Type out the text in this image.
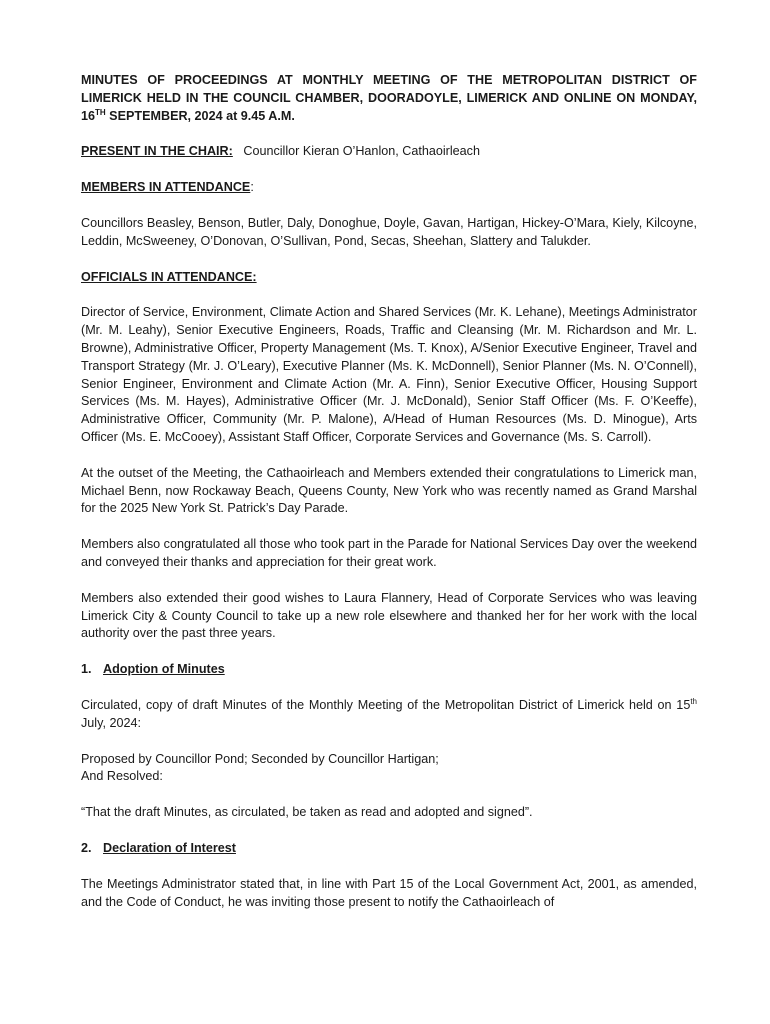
MINUTES OF PROCEEDINGS AT MONTHLY MEETING OF THE METROPOLITAN DISTRICT OF LIMERICK HELD IN THE COUNCIL CHAMBER, DOORADOYLE, LIMERICK AND ONLINE ON MONDAY, 16TH SEPTEMBER, 2024 at 9.45 A.M.

PRESENT IN THE CHAIR: Councillor Kieran O’Hanlon, Cathaoirleach

MEMBERS IN ATTENDANCE:

Councillors Beasley, Benson, Butler, Daly, Donoghue, Doyle, Gavan, Hartigan, Hickey-O’Mara, Kiely, Kilcoyne, Leddin, McSweeney, O’Donovan, O’Sullivan, Pond, Secas, Sheehan, Slattery and Talukder.

OFFICIALS IN ATTENDANCE:

Director of Service, Environment, Climate Action and Shared Services (Mr. K. Lehane), Meetings Administrator (Mr. M. Leahy), Senior Executive Engineers, Roads, Traffic and Cleansing (Mr. M. Richardson and Mr. L. Browne), Administrative Officer, Property Management (Ms. T. Knox), A/Senior Executive Engineer, Travel and Transport Strategy (Mr. J. O’Leary), Executive Planner (Ms. K. McDonnell), Senior Planner (Ms. N. O’Connell), Senior Engineer, Environment and Climate Action (Mr. A. Finn), Senior Executive Officer, Housing Support Services (Ms. M. Hayes), Administrative Officer (Mr. J. McDonald), Senior Staff Officer (Ms. F. O’Keeffe), Administrative Officer, Community (Mr. P. Malone), A/Head of Human Resources (Ms. D. Minogue), Arts Officer (Ms. E. McCooey), Assistant Staff Officer, Corporate Services and Governance (Ms. S. Carroll).

At the outset of the Meeting, the Cathaoirleach and Members extended their congratulations to Limerick man, Michael Benn, now Rockaway Beach, Queens County, New York who was recently named as Grand Marshal for the 2025 New York St. Patrick’s Day Parade.

Members also congratulated all those who took part in the Parade for National Services Day over the weekend and conveyed their thanks and appreciation for their great work.

Members also extended their good wishes to Laura Flannery, Head of Corporate Services who was leaving Limerick City & County Council to take up a new role elsewhere and thanked her for her work with the local authority over the past three years.

1. Adoption of Minutes

Circulated, copy of draft Minutes of the Monthly Meeting of the Metropolitan District of Limerick held on 15th July, 2024:

Proposed by Councillor Pond; Seconded by Councillor Hartigan;

And Resolved:

“That the draft Minutes, as circulated, be taken as read and adopted and signed”.

2. Declaration of Interest

The Meetings Administrator stated that, in line with Part 15 of the Local Government Act, 2001, as amended, and the Code of Conduct, he was inviting those present to notify the Cathaoirleach of
